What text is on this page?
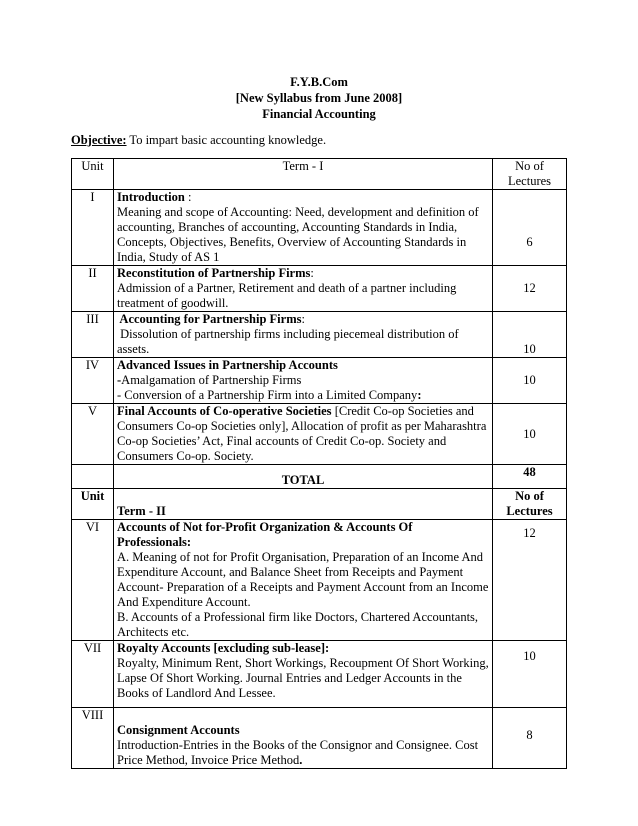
F.Y.B.Com
[New Syllabus from June 2008]
Financial Accounting
Objective: To impart basic accounting knowledge.
Unit	Term - I	No of
Lectures

I	Introduction :
Meaning and scope of Accounting: Need, development and definition of accounting, Branches of accounting, Accounting Standards in India, Concepts, Objectives, Benefits, Overview of Accounting Standards in India, Study of AS 1	6

II	Reconstitution of Partnership Firms:
Admission of a Partner, Retirement and death of a partner including treatment of goodwill.	12
III	Accounting for Partnership Firms:
Dissolution of partnership firms including piecemeal distribution of assets.	10
IV	Advanced Issues in Partnership Accounts
-Amalgamation of Partnership Firms
- Conversion of a Partnership Firm into a Limited Company:	10
V	Final Accounts of Co-operative Societies [Credit Co-op Societies and Consumers Co-op Societies only], Allocation of profit as per Maharashtra Co-op Societies’ Act, Final accounts of Credit Co-op. Society and Consumers Co-op. Society.	10
	TOTAL	48
Unit	Term - II	No of
Lectures

VI	Accounts of Not for-Profit Organization & Accounts Of Professionals:
A. Meaning of not for Profit Organisation, Preparation of an Income And Expenditure Account, and Balance Sheet from Receipts and Payment Account- Preparation of a Receipts and Payment Account from an Income And Expenditure Account.
B. Accounts of a Professional firm like Doctors, Chartered Accountants, Architects etc.	12
VII	Royalty Accounts [excluding sub-lease]:
Royalty, Minimum Rent, Short Workings, Recoupment Of Short Working, Lapse Of Short Working. Journal Entries and Ledger Accounts in the Books of Landlord And Lessee.	10
VIII	Consignment Accounts
Introduction-Entries in the Books of the Consignor and Consignee. Cost Price Method, Invoice Price Method.	8
